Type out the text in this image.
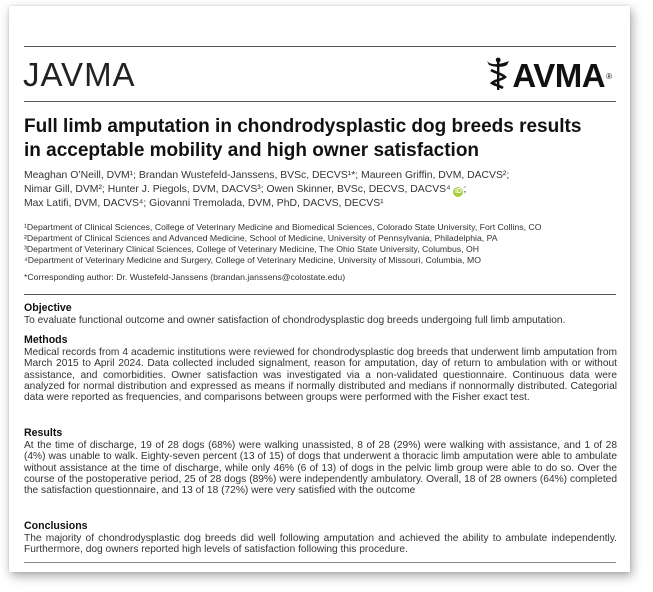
JAVMA	AVMA ®
Full limb amputation in chondrodysplastic dog breeds results in acceptable mobility and high owner satisfaction
Meaghan O’Neill, DVM¹; Brandan Wustefeld-Janssens, BVSc, DECVS¹*; Maureen Griffin, DVM, DACVS²;
Nimar Gill, DVM²; Hunter J. Piegols, DVM, DACVS³; Owen Skinner, BVSc, DECVS, DACVS⁴ iD ;
Max Latifi, DVM, DACVS⁴; Giovanni Tremolada, DVM, PhD, DACVS, DECVS¹
¹Department of Clinical Sciences, College of Veterinary Medicine and Biomedical Sciences, Colorado State University, Fort Collins, CO
²Department of Clinical Sciences and Advanced Medicine, School of Medicine, University of Pennsylvania, Philadelphia, PA
³Department of Veterinary Clinical Sciences, College of Veterinary Medicine, The Ohio State University, Columbus, OH
⁴Department of Veterinary Medicine and Surgery, College of Veterinary Medicine, University of Missouri, Columbia, MO
*Corresponding author: Dr. Wustefeld-Janssens (brandan.janssens@colostate.edu)
Objective

To evaluate functional outcome and owner satisfaction of chondrodysplastic dog breeds undergoing full limb amputation.

Methods

Medical records from 4 academic institutions were reviewed for chondrodysplastic dog breeds that underwent limb amputation from March 2015 to April 2024. Data collected included signalment, reason for amputation, day of return to ambulation with or without assistance, and comorbidities. Owner satisfaction was investigated via a non-validated questionnaire. Continuous data were analyzed for normal distribution and expressed as means if normally distributed and medians if nonnormally distributed. Categorial data were reported as frequencies, and comparisons between groups were performed with the Fisher exact test.

Results

At the time of discharge, 19 of 28 dogs (68%) were walking unassisted, 8 of 28 (29%) were walking with assistance, and 1 of 28 (4%) was unable to walk. Eighty-seven percent (13 of 15) of dogs that underwent a thoracic limb amputation were able to ambulate without assistance at the time of discharge, while only 46% (6 of 13) of dogs in the pelvic limb group were able to do so. Over the course of the postoperative period, 25 of 28 dogs (89%) were independently ambulatory. Overall, 18 of 28 owners (64%) completed the satisfaction questionnaire, and 13 of 18 (72%) were very satisfied with the outcome

Conclusions

The majority of chondrodysplastic dog breeds did well following amputation and achieved the ability to ambulate independently. Furthermore, dog owners reported high levels of satisfaction following this procedure.
